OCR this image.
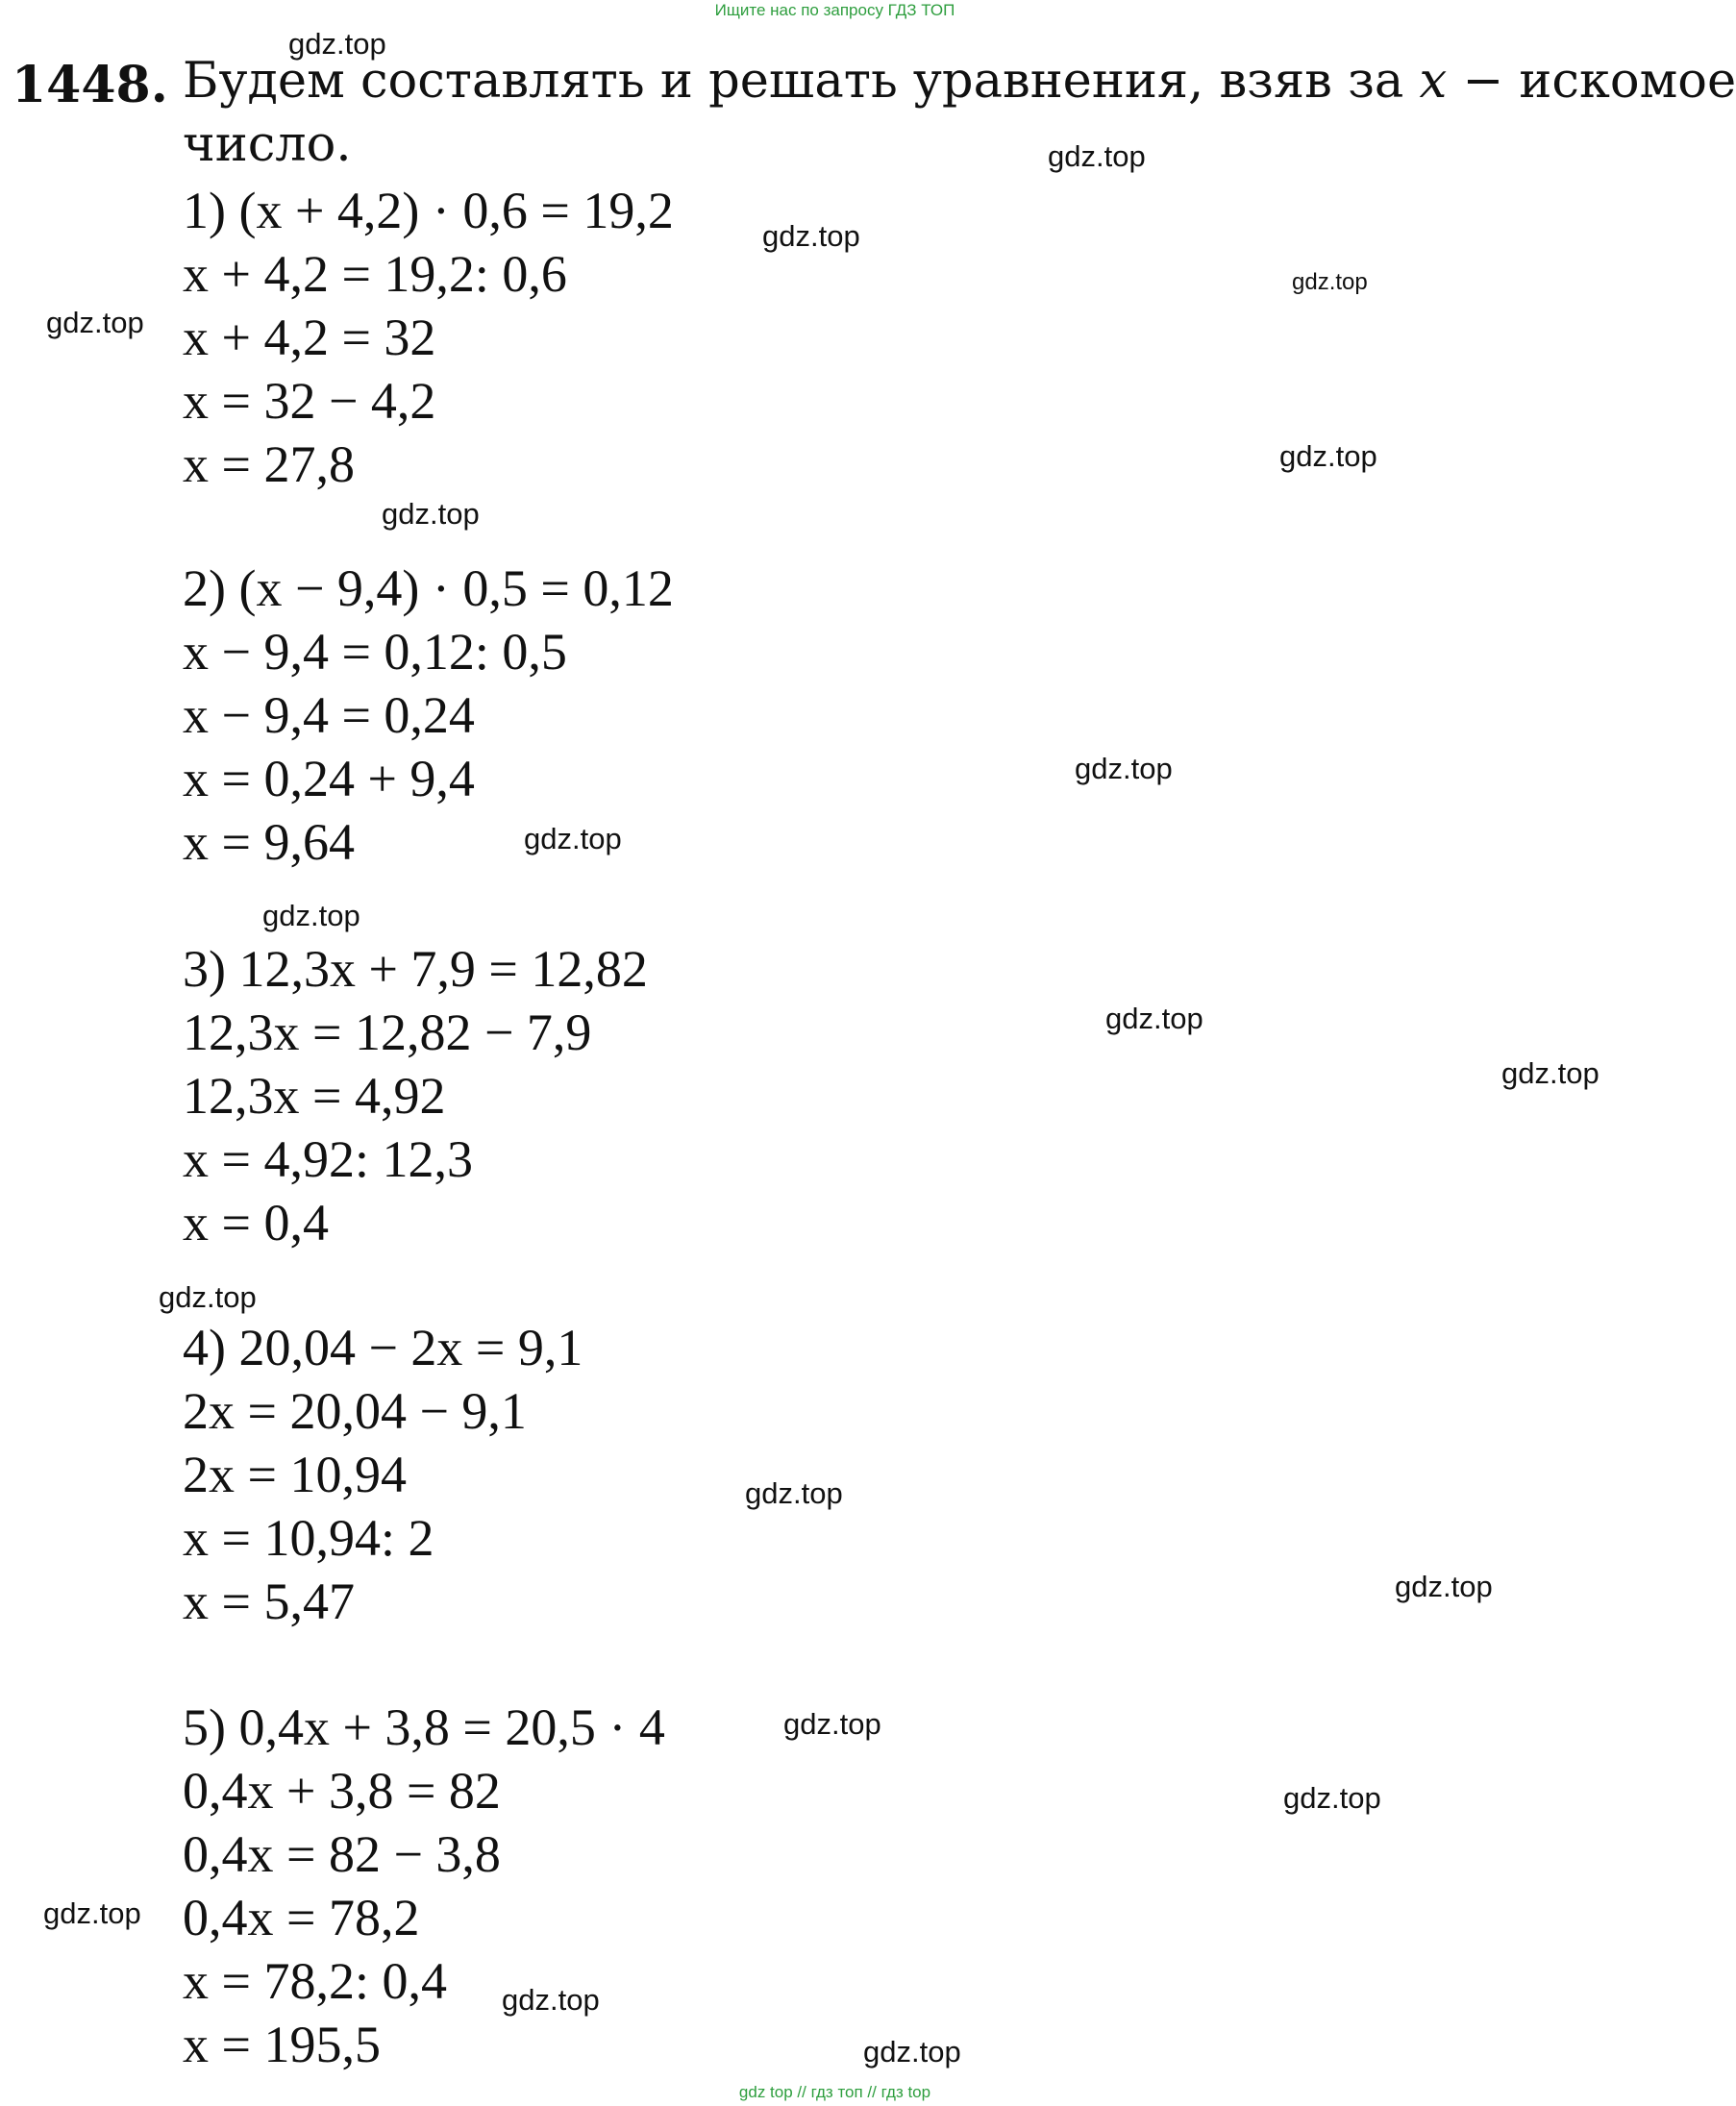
Ищите нас по запросу ГДЗ ТОП
1448. Будем составлять и решать уравнения, взяв за x − искомое
число.
1) (x + 4,2) · 0,6 = 19,2
x + 4,2 = 19,2: 0,6
x + 4,2 = 32
x = 32 − 4,2
x = 27,8
2) (x − 9,4) · 0,5 = 0,12
x − 9,4 = 0,12: 0,5
x − 9,4 = 0,24
x = 0,24 + 9,4
x = 9,64
3) 12,3x + 7,9 = 12,82
12,3x = 12,82 − 7,9
12,3x = 4,92
x = 4,92: 12,3
x = 0,4
4) 20,04 − 2x = 9,1
2x = 20,04 − 9,1
2x = 10,94
x = 10,94: 2
x = 5,47
5) 0,4x + 3,8 = 20,5 · 4
0,4x + 3,8 = 82
0,4x = 82 − 3,8
0,4x = 78,2
x = 78,2: 0,4
x = 195,5
gdz.top
gdz.top
gdz.top
gdz.top
gdz.top
gdz.top
gdz.top
gdz.top
gdz.top
gdz.top
gdz.top
gdz.top
gdz.top
gdz.top
gdz.top
gdz.top
gdz.top
gdz.top
gdz.top
gdz.top
gdz top // гдз топ // гдз top
